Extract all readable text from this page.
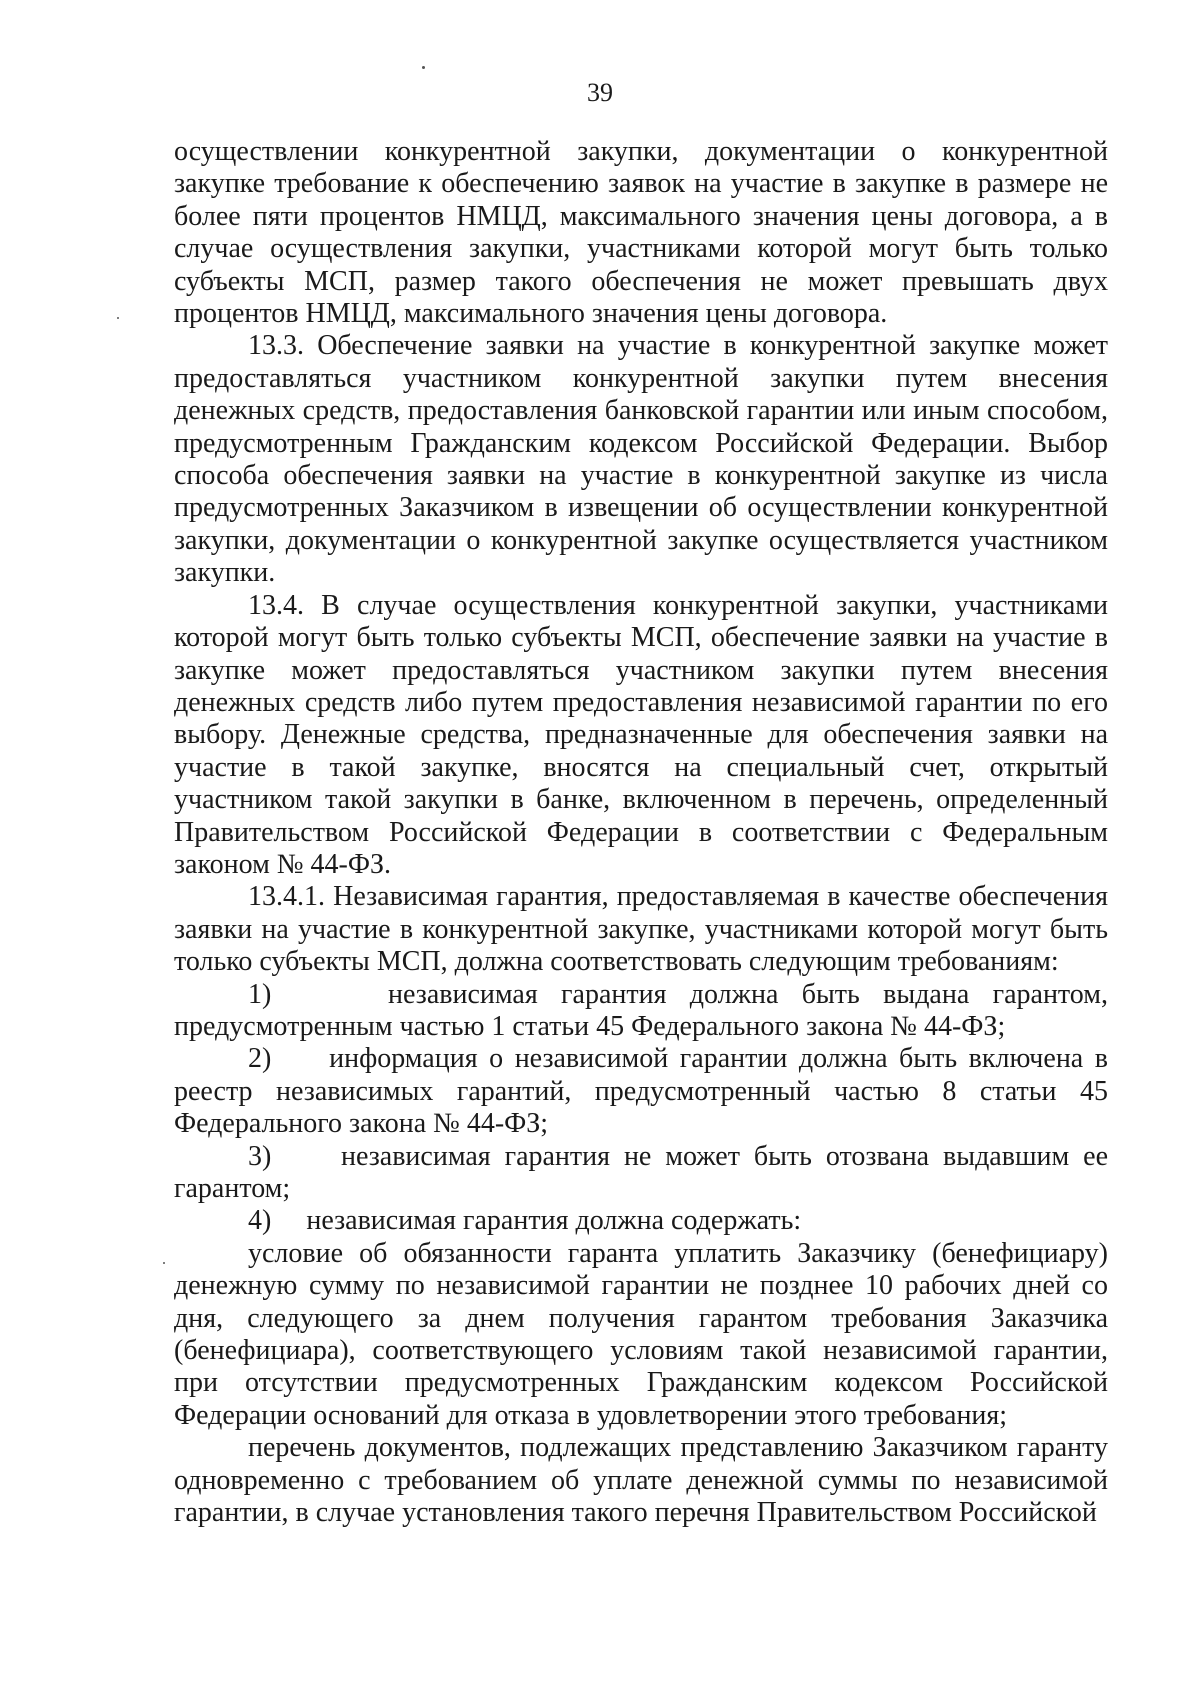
39

осуществлении конкурентной закупки, документации о конкурентной закупке требование к обеспечению заявок на участие в закупке в размере не более пяти процентов НМЦД, максимального значения цены договора, а в случае осуществления закупки, участниками которой могут быть только субъекты МСП, размер такого обеспечения не может превышать двух процентов НМЦД, максимального значения цены договора.

13.3. Обеспечение заявки на участие в конкурентной закупке может предоставляться участником конкурентной закупки путем внесения денежных средств, предоставления банковской гарантии или иным способом, предусмотренным Гражданским кодексом Российской Федерации. Выбор способа обеспечения заявки на участие в конкурентной закупке из числа предусмотренных Заказчиком в извещении об осуществлении конкурентной закупки, документации о конкурентной закупке осуществляется участником закупки.

13.4. В случае осуществления конкурентной закупки, участниками которой могут быть только субъекты МСП, обеспечение заявки на участие в закупке может предоставляться участником закупки путем внесения денежных средств либо путем предоставления независимой гарантии по его выбору. Денежные средства, предназначенные для обеспечения заявки на участие в такой закупке, вносятся на специальный счет, открытый участником такой закупки в банке, включенном в перечень, определенный Правительством Российской Федерации в соответствии с Федеральным законом № 44-ФЗ.

13.4.1. Независимая гарантия, предоставляемая в качестве обеспечения заявки на участие в конкурентной закупке, участниками которой могут быть только субъекты МСП, должна соответствовать следующим требованиям:

1)	независимая гарантия должна быть выдана гарантом, предусмотренным частью 1 статьи 45 Федерального закона № 44-ФЗ;

2) информация о независимой гарантии должна быть включена в реестр независимых гарантий, предусмотренный частью 8 статьи 45 Федерального закона № 44-ФЗ;

3) независимая гарантия не может быть отозвана выдавшим ее гарантом;

4) независимая гарантия должна содержать:

условие об обязанности гаранта уплатить Заказчику (бенефициару) денежную сумму по независимой гарантии не позднее 10 рабочих дней со дня, следующего за днем получения гарантом требования Заказчика (бенефициара), соответствующего условиям такой независимой гарантии, при отсутствии предусмотренных Гражданским кодексом Российской Федерации оснований для отказа в удовлетворении этого требования;

перечень документов, подлежащих представлению Заказчиком гаранту одновременно с требованием об уплате денежной суммы по независимой гарантии, в случае установления такого перечня Правительством Российской
